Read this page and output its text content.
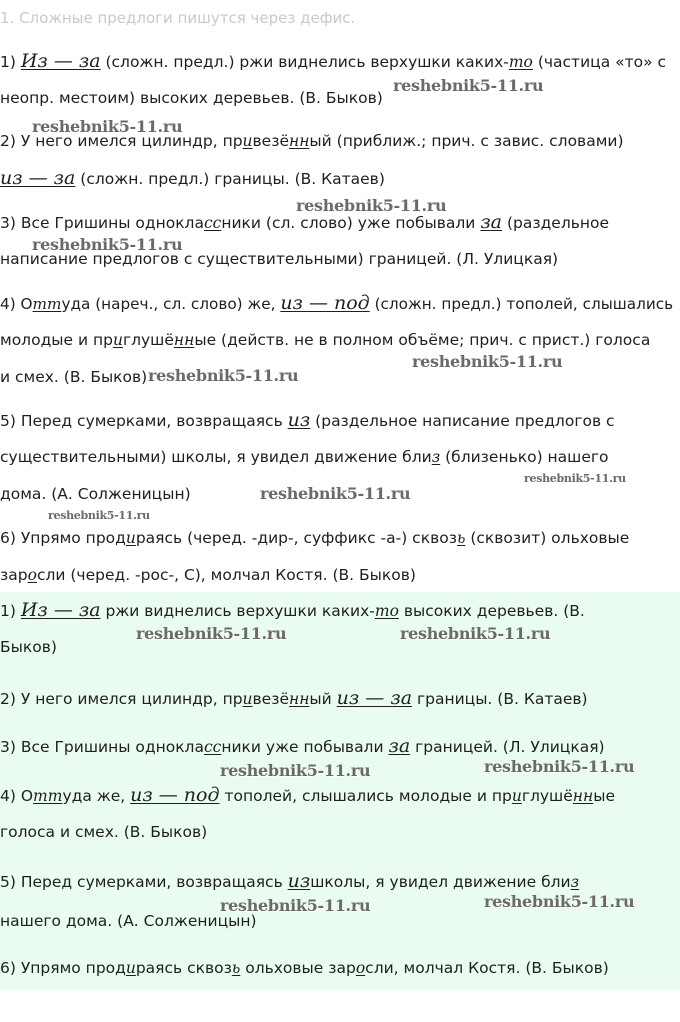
1. Сложные предлоги пишутся через дефис.

1) Из — за (сложн. предл.) ржи виднелись верхушки каких-то (частица «то» с

неопр. местоим) высоких деревьев. (В. Быков)

2) У него имелся цилиндр, привезённый (приближ.; прич. с завис. словами)

из — за (сложн. предл.) границы. (В. Катаев)

3) Все Гришины одноклассники (сл. слово) уже побывали за (раздельное

написание предлогов с существительными) границей. (Л. Улицкая)

4) Оттуда (нареч., сл. слово) же, из — под (сложн. предл.) тополей, слышались

молодые и приглушённые (действ. не в полном объёме; прич. с прист.) голоса

и смех. (В. Быков)

5) Перед сумерками, возвращаясь из (раздельное написание предлогов с

существительными) школы, я увидел движение близ (близенько) нашего

дома. (А. Солженицын)

6) Упрямо продираясь (черед. -дир-, суффикс -а-) сквозь (сквозит) ольховые

заросли (черед. -рос-, С), молчал Костя. (В. Быков)

1) Из — за ржи виднелись верхушки каких-то высоких деревьев. (В.

Быков)

2) У него имелся цилиндр, привезённый из — за границы. (В. Катаев)

3) Все Гришины одноклассники уже побывали за границей. (Л. Улицкая)

4) Оттуда же, из — под тополей, слышались молодые и приглушённые

голоса и смех. (В. Быков)

5) Перед сумерками, возвращаясь изшколы, я увидел движение близ

нашего дома. (А. Солженицын)

6) Упрямо продираясь сквозь ольховые заросли, молчал Костя. (В. Быков)

reshebnik5-11.ru
reshebnik5-11.ru
reshebnik5-11.ru
reshebnik5-11.ru
reshebnik5-11.ru
reshebnik5-11.ru
reshebnik5-11.ru
reshebnik5-11.ru
reshebnik5-11.ru
reshebnik5-11.ru	reshebnik5-11.ru
reshebnik5-11.ru
reshebnik5-11.ru
reshebnik5-11.ru
reshebnik5-11.ru
